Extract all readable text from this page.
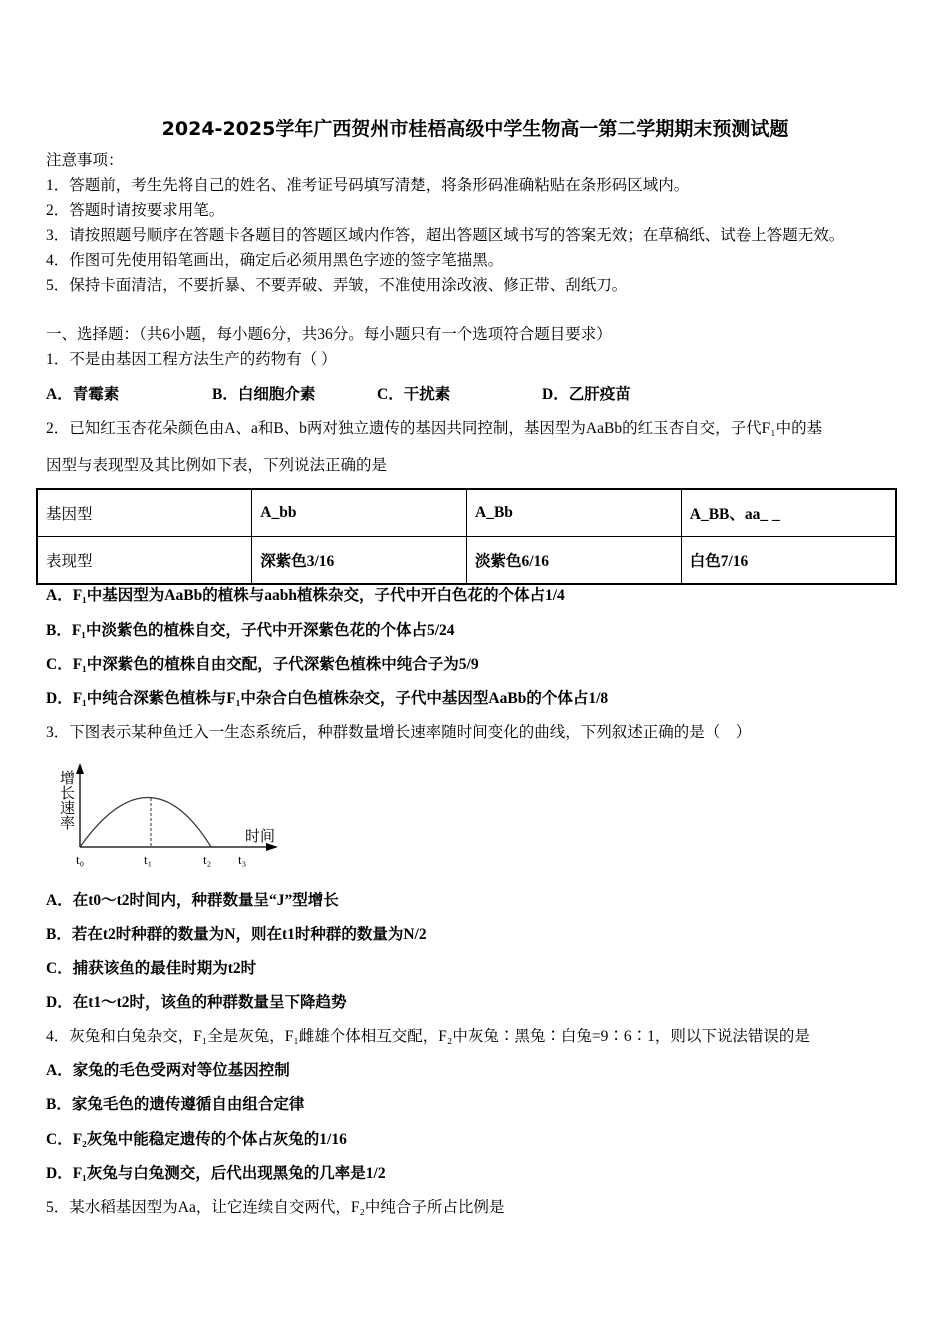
2024-2025学年广西贺州市桂梧高级中学生物高一第二学期期末预测试题
注意事项：
1．答题前，考生先将自己的姓名、准考证号码填写清楚，将条形码准确粘贴在条形码区域内。
2．答题时请按要求用笔。
3．请按照题号顺序在答题卡各题目的答题区域内作答，超出答题区域书写的答案无效；在草稿纸、试卷上答题无效。
4．作图可先使用铅笔画出，确定后必须用黑色字迹的签字笔描黑。
5．保持卡面清洁，不要折暴、不要弄破、弄皱，不准使用涂改液、修正带、刮纸刀。
一、选择题：（共6小题，每小题6分，共36分。每小题只有一个选项符合题目要求）
1．不是由基因工程方法生产的药物有（ ）
A．青霉素	B．白细胞介素	C．干扰素	D．乙肝疫苗
2．已知红玉杏花朵颜色由A、a和B、b两对独立遗传的基因共同控制，基因型为AaBb的红玉杏自交，子代F₁中的基
因型与表现型及其比例如下表，下列说法正确的是
基因型	A_bb	A_Bb	A_BB、aa_ _
表现型	深紫色3/16	淡紫色6/16	白色7/16
A．F₁中基因型为AaBb的植株与aabh植株杂交，子代中开白色花的个体占1/4
B．F₁中淡紫色的植株自交，子代中开深紫色花的个体占5/24
C．F₁中深紫色的植株自由交配，子代深紫色植株中纯合子为5/9
D．F₁中纯合深紫色植株与F₁中杂合白色植株杂交，子代中基因型AaBb的个体占1/8
3．下图表示某种鱼迁入一生态系统后，种群数量增长速率随时间变化的曲线，下列叙述正确的是（　）
时间
t₀	t₁	t₂ t₃
增长速率
A．在t0～t2时间内，种群数量呈“J”型增长
B．若在t2时种群的数量为N，则在t1时种群的数量为N/2
C．捕获该鱼的最佳时期为t2时
D．在t1～t2时，该鱼的种群数量呈下降趋势
4．灰兔和白兔杂交，F₁全是灰兔，F₁雌雄个体相互交配，F₂中灰兔∶黑兔∶白兔=9∶6∶1，则以下说法错误的是
A．家兔的毛色受两对等位基因控制
B．家兔毛色的遗传遵循自由组合定律
C．F₂灰兔中能稳定遗传的个体占灰兔的1/16
D．F₁灰兔与白兔测交，后代出现黑兔的几率是1/2
5．某水稻基因型为Aa，让它连续自交两代，F₂中纯合子所占比例是
